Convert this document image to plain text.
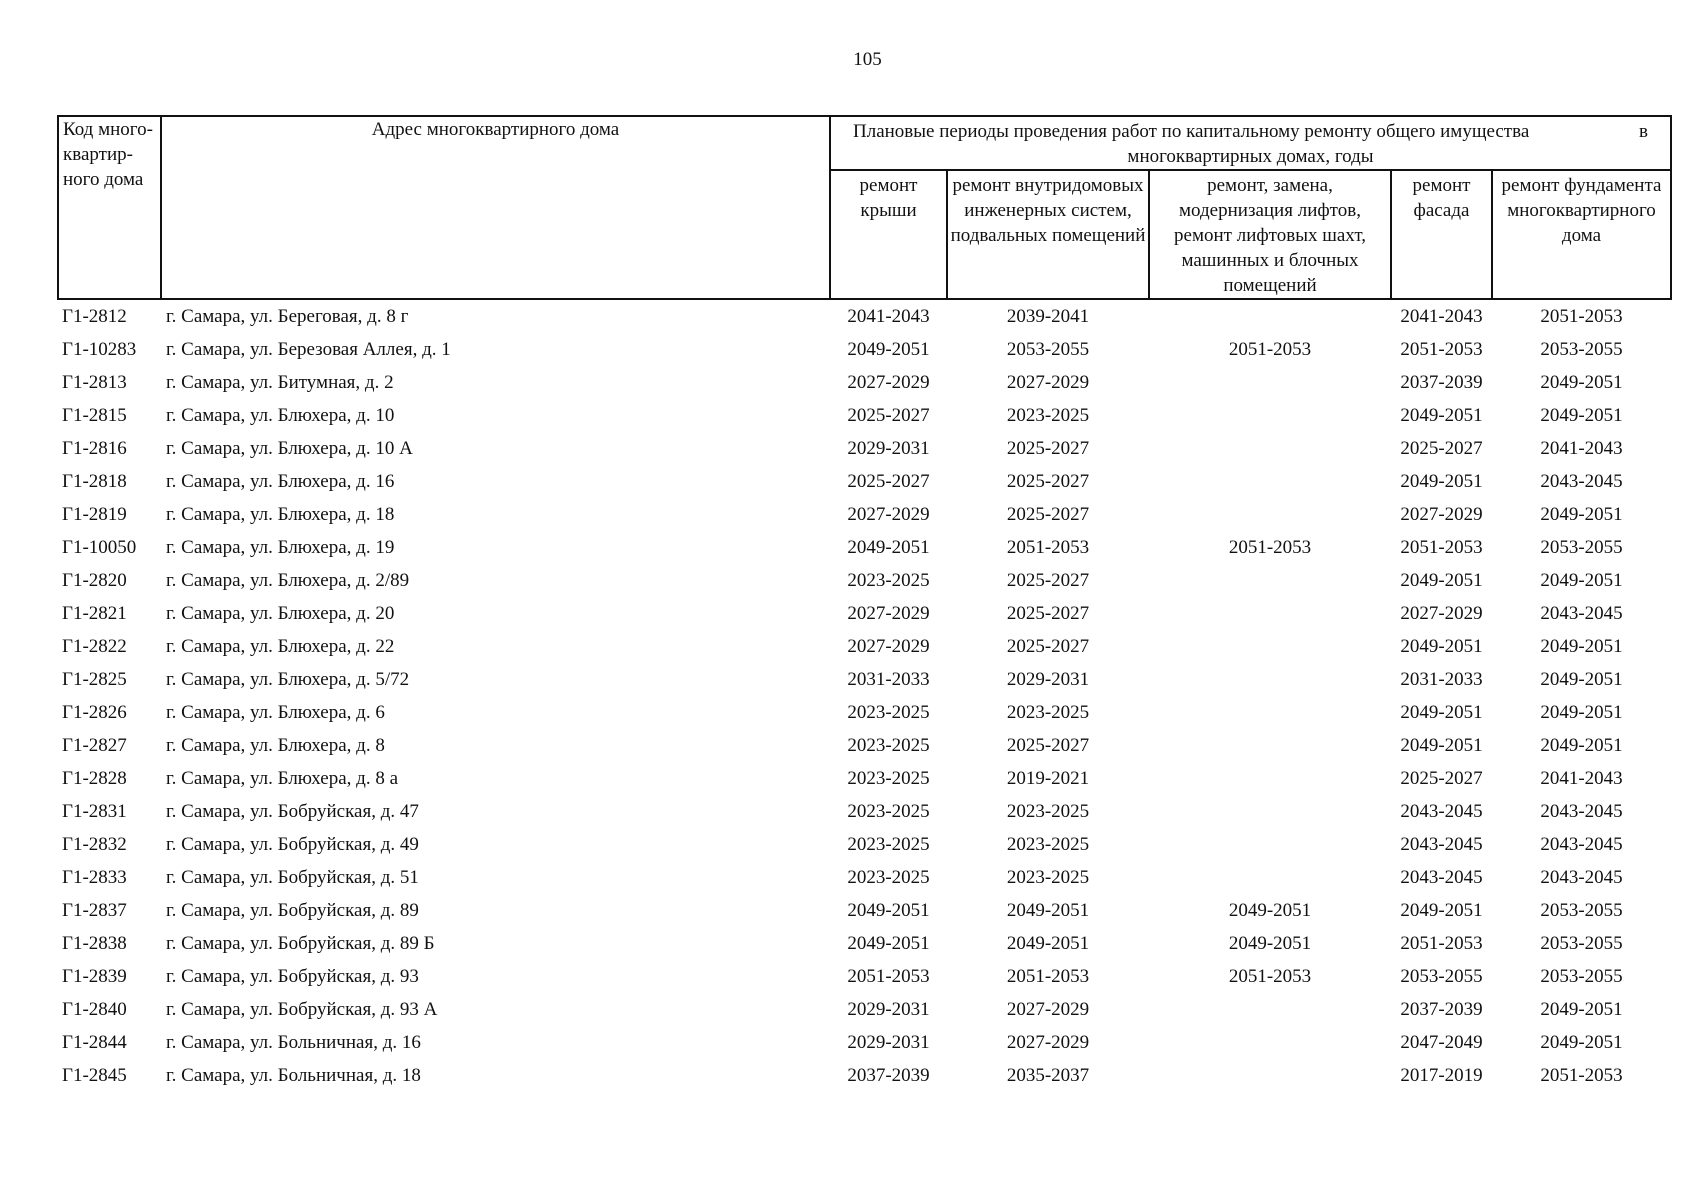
105
Код много-квартир-ного дома	Адрес многоквартирного дома	Плановые периоды проведения работ по капитальному ремонту общего имущества в
многоквартирных домах, годы				

		ремонт крыши	ремонт внутридомовых инженерных систем, подвальных помещений	ремонт, замена, модернизация лифтов, ремонт лифтовых шахт, машинных и блочных помещений	ремонт фасада	ремонт фундамента многоквартирного дома
Г1-2812	г. Самара, ул. Береговая, д. 8 г	2041-2043	2039-2041		2041-2043	2051-2053
Г1-10283	г. Самара, ул. Березовая Аллея, д. 1	2049-2051	2053-2055	2051-2053	2051-2053	2053-2055
Г1-2813	г. Самара, ул. Битумная, д. 2	2027-2029	2027-2029		2037-2039	2049-2051
Г1-2815	г. Самара, ул. Блюхера, д. 10	2025-2027	2023-2025		2049-2051	2049-2051
Г1-2816	г. Самара, ул. Блюхера, д. 10 А	2029-2031	2025-2027		2025-2027	2041-2043
Г1-2818	г. Самара, ул. Блюхера, д. 16	2025-2027	2025-2027		2049-2051	2043-2045
Г1-2819	г. Самара, ул. Блюхера, д. 18	2027-2029	2025-2027		2027-2029	2049-2051
Г1-10050	г. Самара, ул. Блюхера, д. 19	2049-2051	2051-2053	2051-2053	2051-2053	2053-2055
Г1-2820	г. Самара, ул. Блюхера, д. 2/89	2023-2025	2025-2027		2049-2051	2049-2051
Г1-2821	г. Самара, ул. Блюхера, д. 20	2027-2029	2025-2027		2027-2029	2043-2045
Г1-2822	г. Самара, ул. Блюхера, д. 22	2027-2029	2025-2027		2049-2051	2049-2051
Г1-2825	г. Самара, ул. Блюхера, д. 5/72	2031-2033	2029-2031		2031-2033	2049-2051
Г1-2826	г. Самара, ул. Блюхера, д. 6	2023-2025	2023-2025		2049-2051	2049-2051
Г1-2827	г. Самара, ул. Блюхера, д. 8	2023-2025	2025-2027		2049-2051	2049-2051
Г1-2828	г. Самара, ул. Блюхера, д. 8 а	2023-2025	2019-2021		2025-2027	2041-2043
Г1-2831	г. Самара, ул. Бобруйская, д. 47	2023-2025	2023-2025		2043-2045	2043-2045
Г1-2832	г. Самара, ул. Бобруйская, д. 49	2023-2025	2023-2025		2043-2045	2043-2045
Г1-2833	г. Самара, ул. Бобруйская, д. 51	2023-2025	2023-2025		2043-2045	2043-2045
Г1-2837	г. Самара, ул. Бобруйская, д. 89	2049-2051	2049-2051	2049-2051	2049-2051	2053-2055
Г1-2838	г. Самара, ул. Бобруйская, д. 89 Б	2049-2051	2049-2051	2049-2051	2051-2053	2053-2055
Г1-2839	г. Самара, ул. Бобруйская, д. 93	2051-2053	2051-2053	2051-2053	2053-2055	2053-2055
Г1-2840	г. Самара, ул. Бобруйская, д. 93 А	2029-2031	2027-2029		2037-2039	2049-2051
Г1-2844	г. Самара, ул. Больничная, д. 16	2029-2031	2027-2029		2047-2049	2049-2051
Г1-2845	г. Самара, ул. Больничная, д. 18	2037-2039	2035-2037		2017-2019	2051-2053
